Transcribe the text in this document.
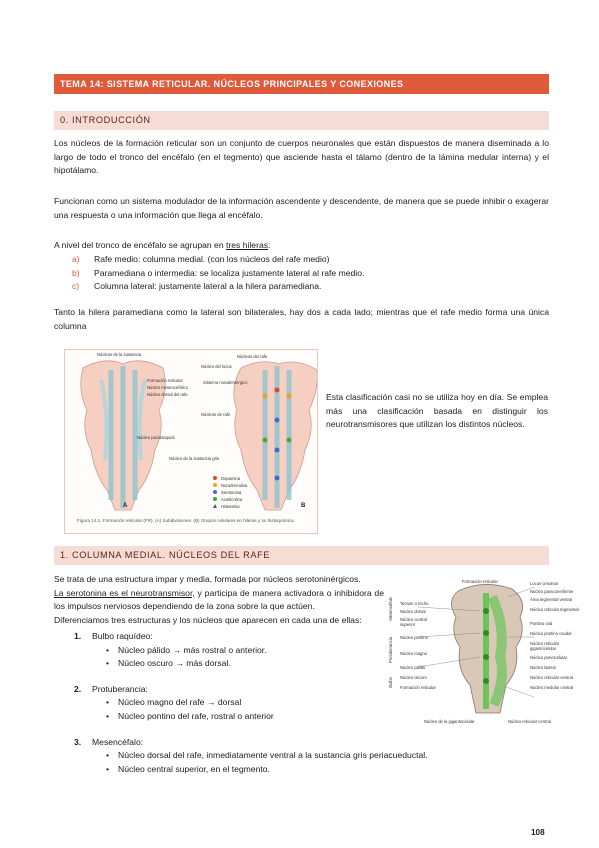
TEMA 14: SISTEMA RETICULAR. NÚCLEOS PRINCIPALES Y CONEXIONES
0. INTRODUCCIÓN
Los núcleos de la formación reticular son un conjunto de cuerpos neuronales que están dispuestos de manera diseminada a lo largo de todo el tronco del encéfalo (en el tegmento) que asciende hasta el tálamo (dentro de la lámina medular interna) y el hipotálamo.
Funcionan como un sistema modulador de la información ascendente y descendente, de manera que se puede inhibir o exagerar una respuesta o una información que llega al encéfalo.
A nivel del tronco de encéfalo se agrupan en tres hileras:
a) Rafe medio: columna medial. (con los núcleos del rafe medio)
b) Paramediana o intermedia: se localiza justamente lateral al rafe medio.
c) Columna lateral: justamente lateral a la hilera paramediana.
Tanto la hilera paramediana como la lateral son bilaterales, hay dos a cada lado; mientras que el rafe medio forma una única columna
Núcleos de la sustancia
Formación reticular
Núcleo mesencefálico
Núcleo dorsal del rafe
Núcleo parabraquial
Núcleo de la sustancia gris
Núcleos del rafe
Núcleo del locus
Sistema noradrenérgico
Núcleos de rafe
Dopamina
Noradrenalina
Serotonina
Acetilcolina
Histamina
A	B
Figura 14.1. Formación reticular (FR). (A) Subdivisiones. (B) Grupos celulares en hileras y su histoquímica.
Esta clasificación casi no se utiliza hoy en día. Se emplea más una clasificación basada en distinguir los neurotransmisores que utilizan los distintos núcleos.
1. COLUMNA MEDIAL. NÚCLEOS DEL RAFE
Se trata de una estructura impar y media, formada por núcleos serotoninérgicos.
La serotonina es el neurotransmisor, y participa de manera activadora o inhibidora de los impulsos nerviosos dependiendo de la zona sobre la que actúen.
Diferenciamos tres estructuras y los núcleos que aparecen en cada una de ellas:
1. Bulbo raquídeo:
• Núcleo pálido → más rostral o anterior.
• Núcleo oscuro → más dorsal.
2. Protuberancia:
• Núcleo magno del rafe → dorsal
• Núcleo pontino del rafe, rostral o anterior
3. Mesencéfalo:
• Núcleo dorsal del rafe, inmediatamente ventral a la sustancia gris periacueductal.
• Núcleo central superior, en el tegmento.
Formación reticular
Tectum o techo
Núcleo dorsal
Núcleo central superior
Núcleo pontino
Núcleo magno
Núcleo pálido
Núcleo oscuro
Formación reticular
Núcleo de la gigantocelular
Locus ceruleus
Núcleo paracuneiforme
Área tegmental ventral
Núcleo reticular tegmental
Pontino oral
Núcleo pontino caudal
Núcleo reticular gigantocelular
Núcleo parvocelular
Núcleo lateral
Núcleo reticular ventral
Núcleo medular central
Núcleo reticular central
Mesencéfalo
Protuberancia
Bulbo
108
